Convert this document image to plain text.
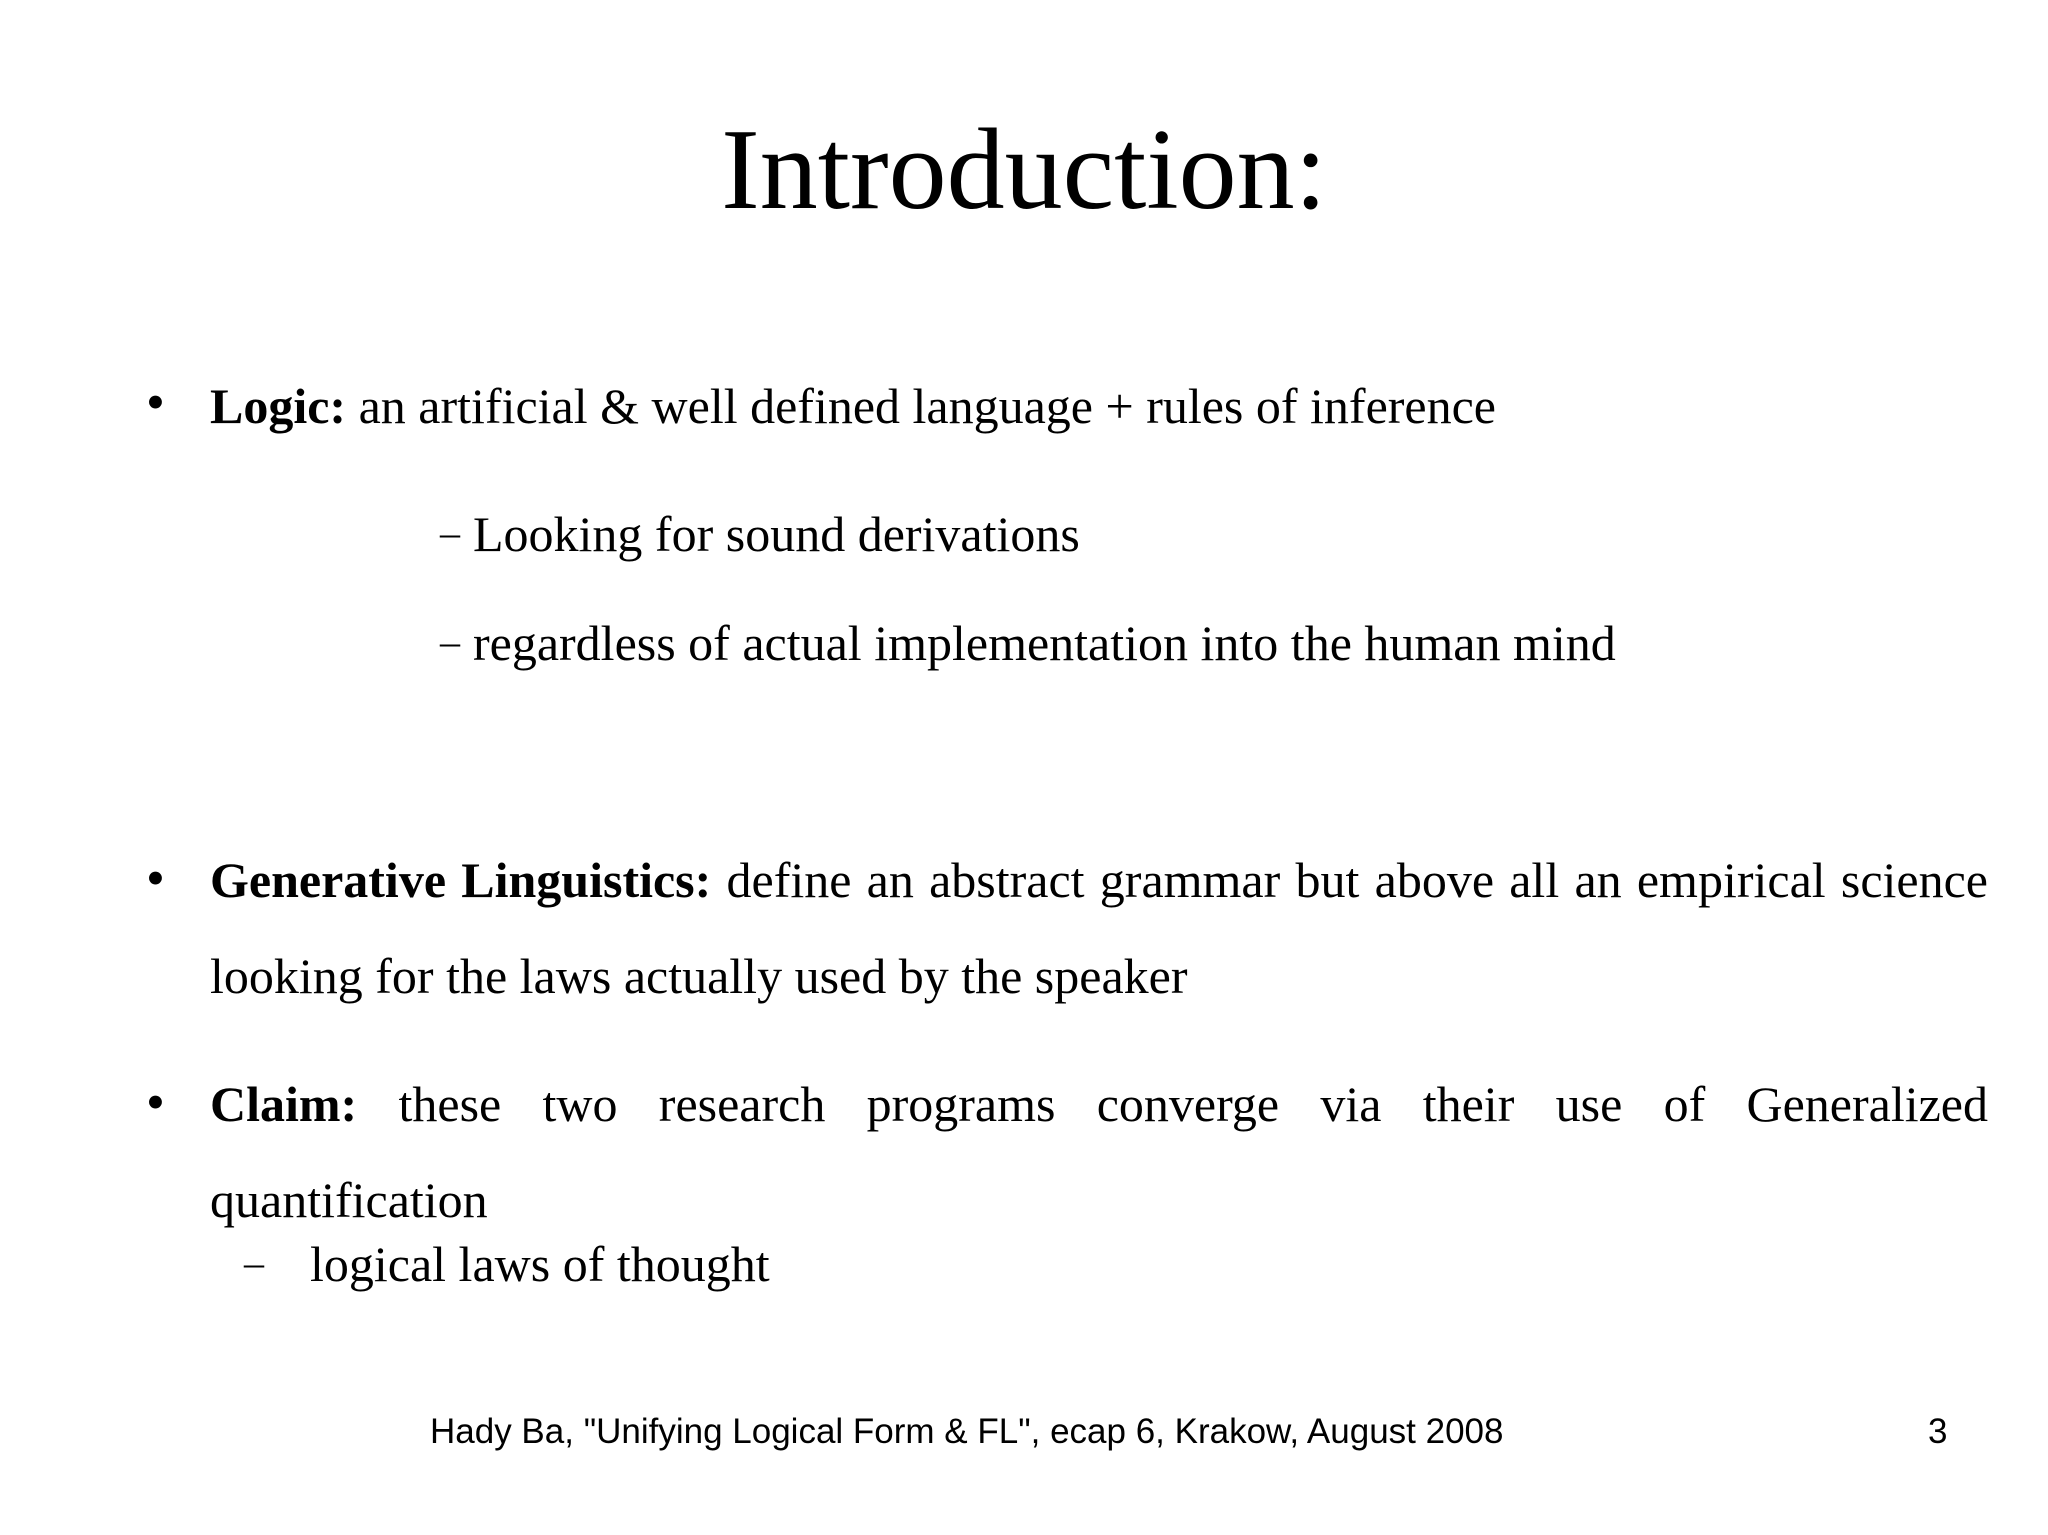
Introduction:
• Logic: an artificial & well defined language + rules of inference
– Looking for sound derivations
– regardless of actual implementation into the human mind
• Generative Linguistics: define an abstract grammar but above all an empirical science looking for the laws actually used by the speaker
• Claim: these two research programs converge via their use of Generalized quantification
– logical laws of thought
Hady Ba, "Unifying Logical Form & FL", ecap 6, Krakow, August 2008	3
